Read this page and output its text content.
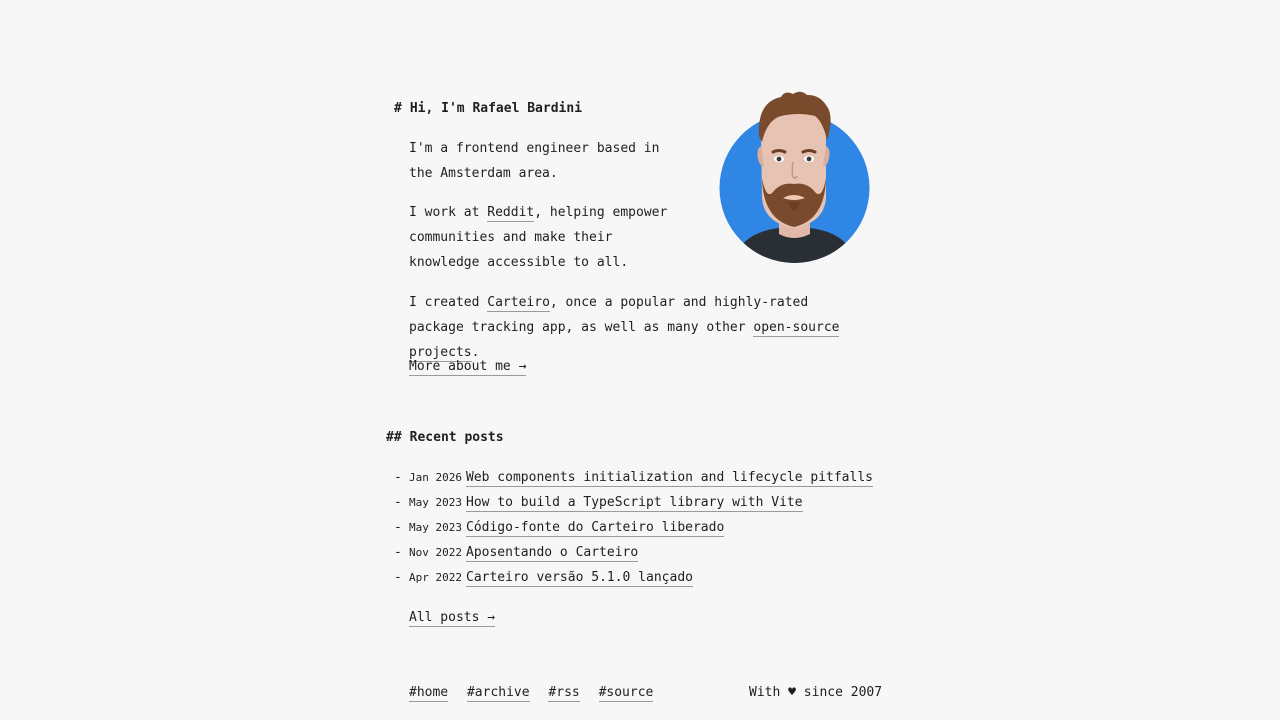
# Hi, I'm Rafael Bardini

I'm a frontend engineer based in the Amsterdam area.

I work at Reddit, helping empower communities and make their knowledge accessible to all.

I created Carteiro, once a popular and highly-rated package tracking app, as well as many other open-source projects.

More about me →
## Recent posts
- Jan 2026 Web components initialization and lifecycle pitfalls
- May 2023 How to build a TypeScript library with Vite
- May 2023 Código-fonte do Carteiro liberado
- Nov 2022 Aposentando o Carteiro
- Apr 2022 Carteiro versão 5.1.0 lançado
All posts →
#home #archive #rss #source	With ♥ since 2007
